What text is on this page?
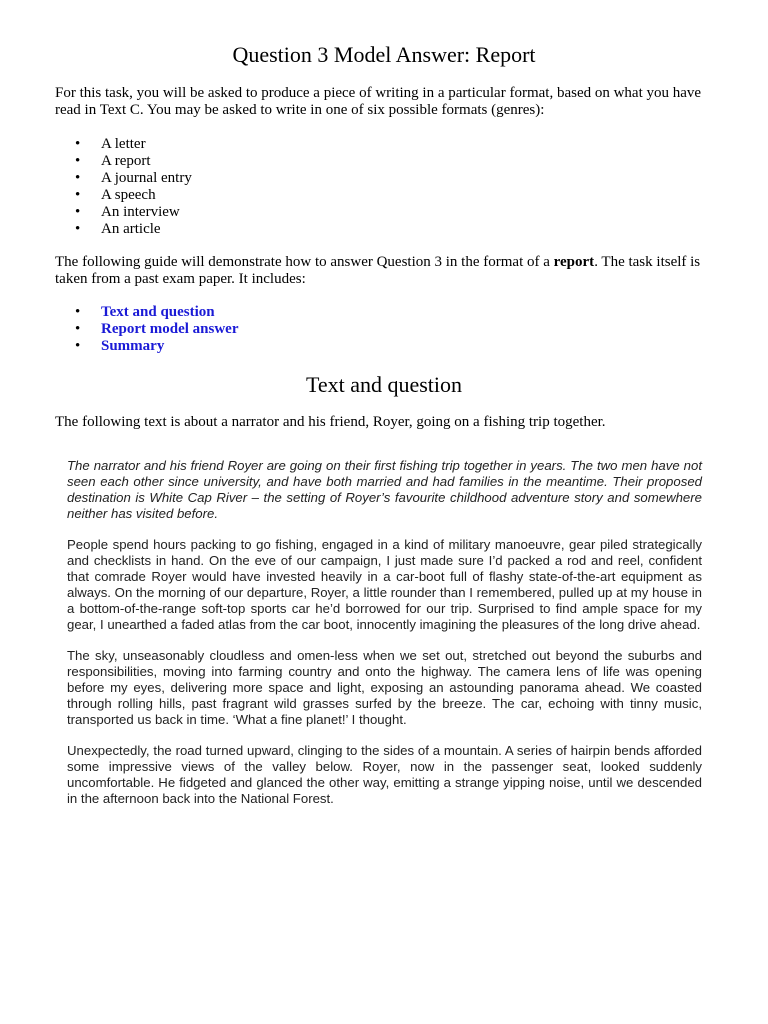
Question 3 Model Answer: Report

For this task, you will be asked to produce a piece of writing in a particular format, based on what you have read in Text C. You may be asked to write in one of six possible formats (genres):

• A letter
• A report
• A journal entry
• A speech
• An interview
• An article

The following guide will demonstrate how to answer Question 3 in the format of a report. The task itself is taken from a past exam paper. It includes:

• Text and question
• Report model answer
• Summary
Text and question

The following text is about a narrator and his friend, Royer, going on a fishing trip together.

The narrator and his friend Royer are going on their first fishing trip together in years. The two men have not seen each other since university, and have both married and had families in the meantime. Their proposed destination is White Cap River – the setting of Royer’s favourite childhood adventure story and somewhere neither has visited before.

People spend hours packing to go fishing, engaged in a kind of military manoeuvre, gear piled strategically and checklists in hand. On the eve of our campaign, I just made sure I’d packed a rod and reel, confident that comrade Royer would have invested heavily in a car-boot full of flashy state-of-the-art equipment as always. On the morning of our departure, Royer, a little rounder than I remembered, pulled up at my house in a bottom-of-the-range soft-top sports car he’d borrowed for our trip. Surprised to find ample space for my gear, I unearthed a faded atlas from the car boot, innocently imagining the pleasures of the long drive ahead.

The sky, unseasonably cloudless and omen-less when we set out, stretched out beyond the suburbs and responsibilities, moving into farming country and onto the highway. The camera lens of life was opening before my eyes, delivering more space and light, exposing an astounding panorama ahead. We coasted through rolling hills, past fragrant wild grasses surfed by the breeze. The car, echoing with tinny music, transported us back in time. ‘What a fine planet!’ I thought.

Unexpectedly, the road turned upward, clinging to the sides of a mountain. A series of hairpin bends afforded some impressive views of the valley below. Royer, now in the passenger seat, looked suddenly uncomfortable. He fidgeted and glanced the other way, emitting a strange yipping noise, until we descended in the afternoon back into the National Forest.
